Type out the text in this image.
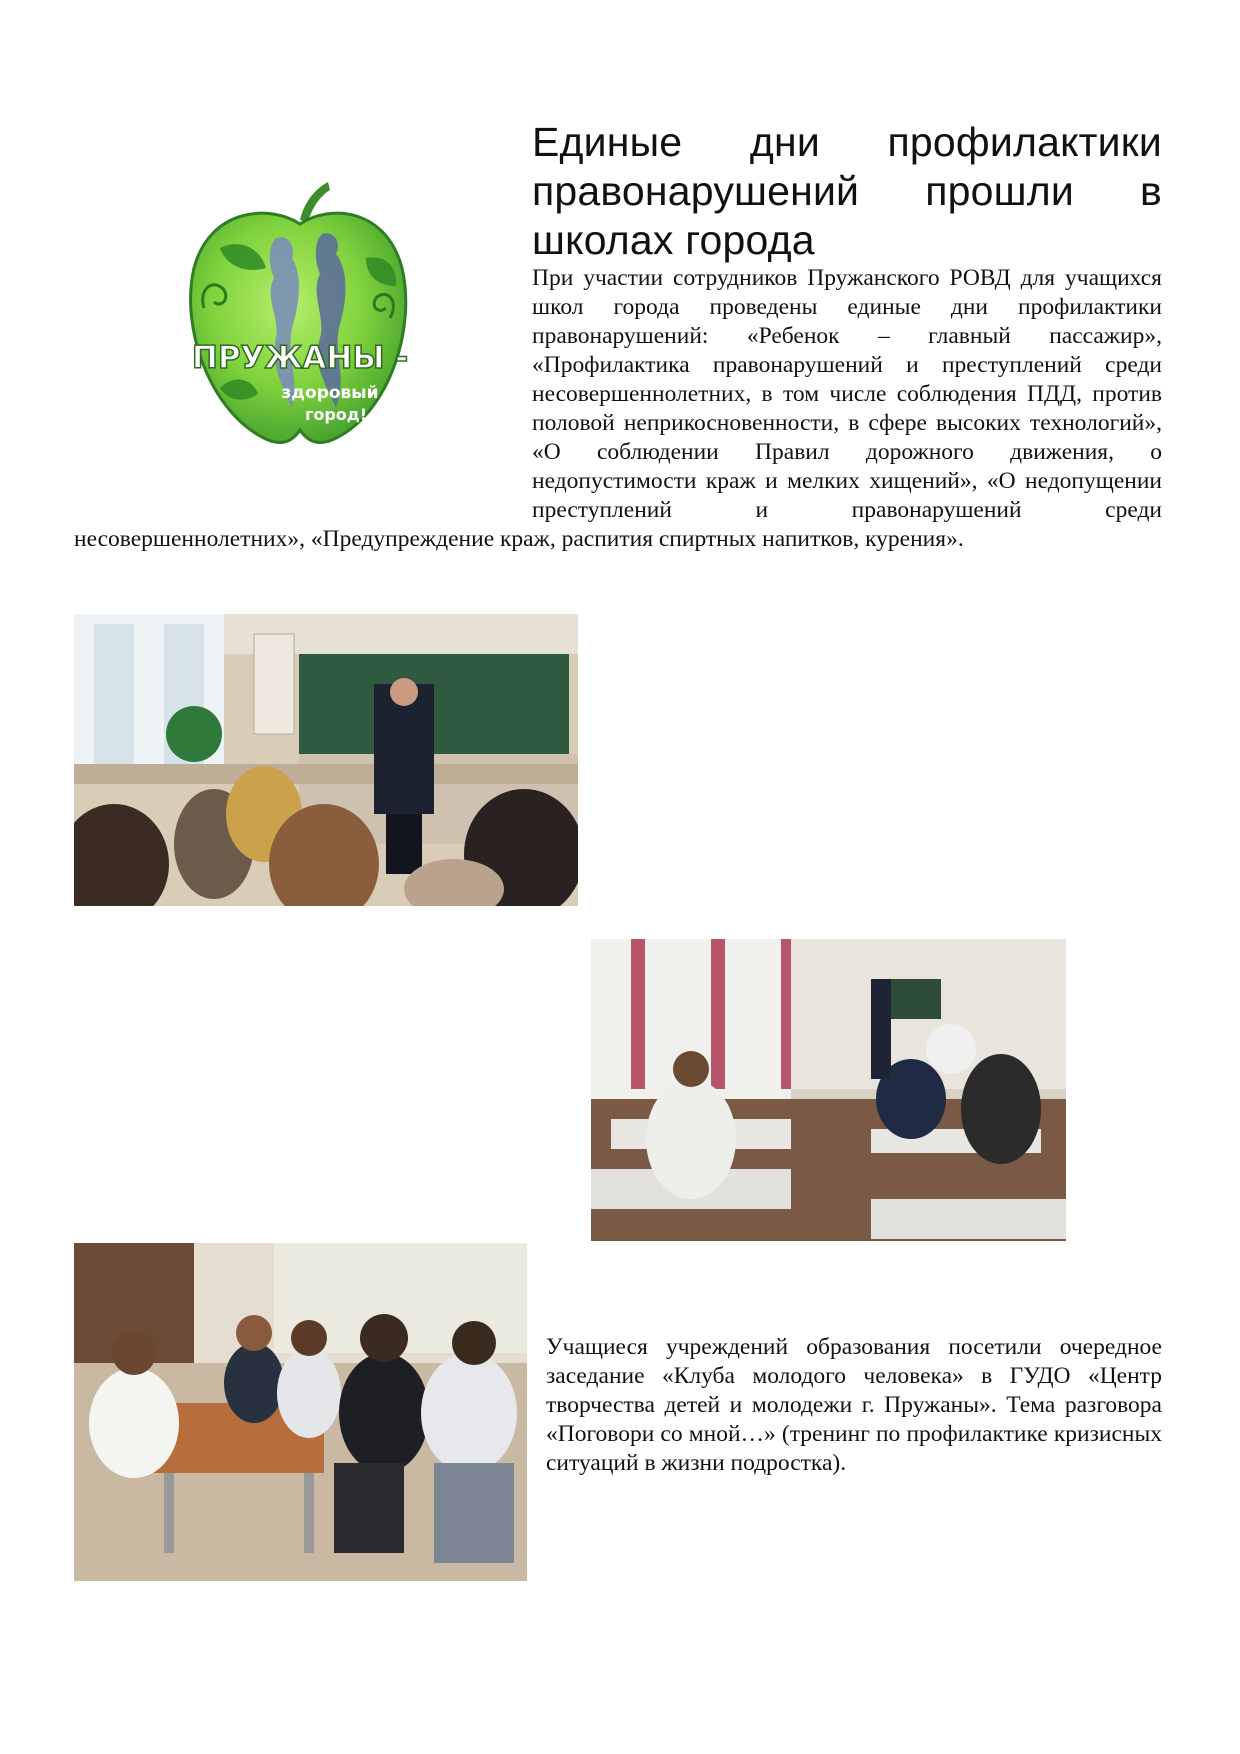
ПРУЖАНЫ -
здоровый
город!
Единые дни профилактики правонарушений прошли в школах города

При участии сотрудников Пружанского РОВД для учащихся школ города проведены единые дни профилактики правонарушений: «Ребенок – главный пассажир», «Профилактика правонарушений и преступлений среди несовершеннолетних, в том числе соблюдения ПДД, против половой неприкосновенности, в сфере высоких технологий», «О соблюдении Правил дорожного движения, о недопустимости краж и мелких хищений», «О недопущении преступлений и правонарушений среди несовершеннолетних», «Предупреждение краж, распития спиртных напитков, курения».

Учащиеся учреждений образования посетили очередное заседание «Клуба молодого человека» в ГУДО «Центр творчества детей и молодежи г. Пружаны». Тема разговора «Поговори со мной…» (тренинг по профилактике кризисных ситуаций в жизни подростка).
